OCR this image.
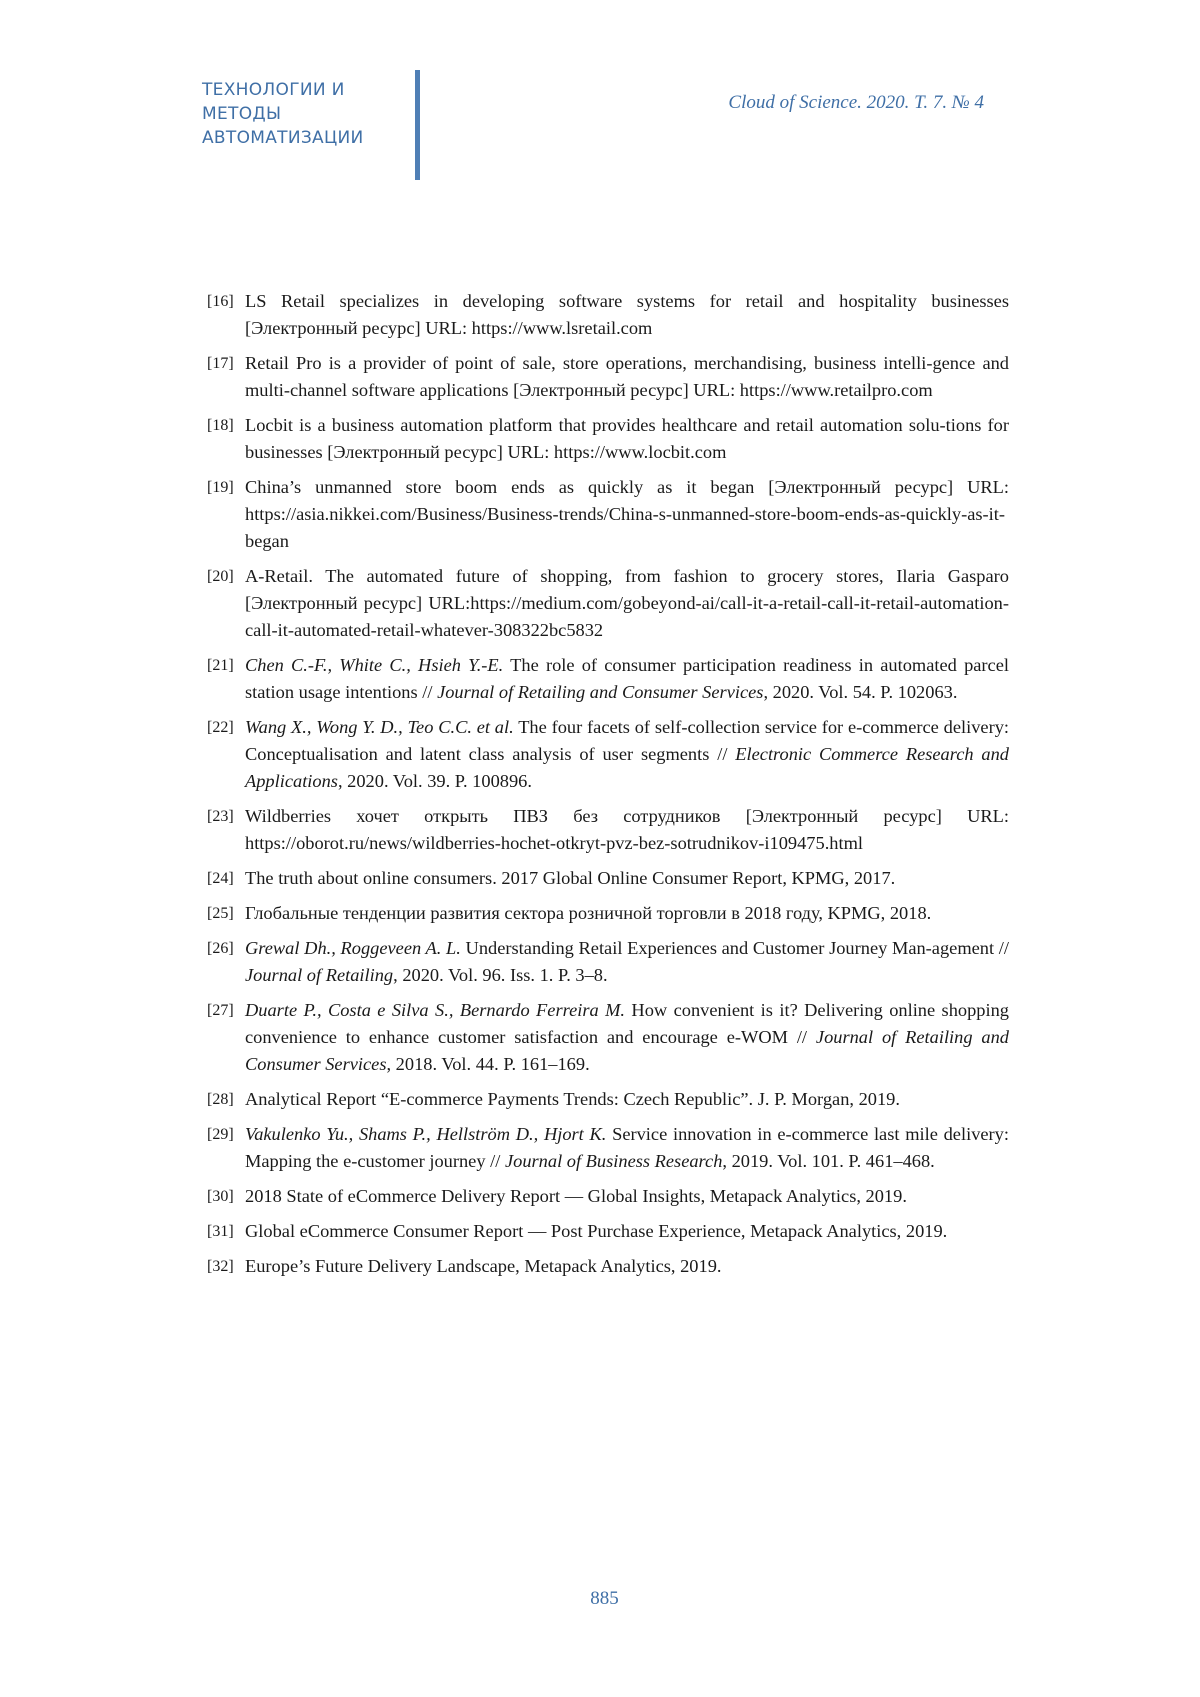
ТЕХНОЛОГИИ И
МЕТОДЫ
АВТОМАТИЗАЦИИ
Cloud of Science. 2020. T. 7. № 4
[16] LS Retail specializes in developing software systems for retail and hospitality businesses [Электронный ресурс] URL: https://www.lsretail.com
[17] Retail Pro is a provider of point of sale, store operations, merchandising, business intelli-gence and multi-channel software applications [Электронный ресурс] URL: https://www.retailpro.com
[18] Locbit is a business automation platform that provides healthcare and retail automation solu-tions for businesses [Электронный ресурс] URL: https://www.locbit.com
[19] China’s unmanned store boom ends as quickly as it began [Электронный ресурс] URL: https://asia.nikkei.com/Business/Business-trends/China-s-unmanned-store-boom-ends-as-quickly-as-it-began
[20] A-Retail. The automated future of shopping, from fashion to grocery stores, Ilaria Gasparo [Электронный ресурс] URL:https://medium.com/gobeyond-ai/call-it-a-retail-call-it-retail-automation-call-it-automated-retail-whatever-308322bc5832
[21] Chen C.-F., White C., Hsieh Y.-E. The role of consumer participation readiness in automated parcel station usage intentions // Journal of Retailing and Consumer Services, 2020. Vol. 54. P. 102063.
[22] Wang X., Wong Y. D., Teo C.C. et al. The four facets of self-collection service for e-commerce delivery: Conceptualisation and latent class analysis of user segments // Electronic Commerce Research and Applications, 2020. Vol. 39. P. 100896.
[23] Wildberries хочет открыть ПВЗ без сотрудников [Электронный ресурс] URL: https://oborot.ru/news/wildberries-hochet-otkryt-pvz-bez-sotrudnikov-i109475.html
[24] The truth about online consumers. 2017 Global Online Consumer Report, KPMG, 2017.
[25] Глобальные тенденции развития сектора розничной торговли в 2018 году, KPMG, 2018.
[26] Grewal Dh., Roggeveen A. L. Understanding Retail Experiences and Customer Journey Man-agement // Journal of Retailing, 2020. Vol. 96. Iss. 1. P. 3–8.
[27] Duarte P., Costa e Silva S., Bernardo Ferreira M. How convenient is it? Delivering online shopping convenience to enhance customer satisfaction and encourage e-WOM // Journal of Retailing and Consumer Services, 2018. Vol. 44. P. 161–169.
[28] Analytical Report “E-commerce Payments Trends: Czech Republic”. J. P. Morgan, 2019.
[29] Vakulenko Yu., Shams P., Hellström D., Hjort K. Service innovation in e-commerce last mile delivery: Mapping the e-customer journey // Journal of Business Research, 2019. Vol. 101. P. 461–468.
[30] 2018 State of eCommerce Delivery Report — Global Insights, Metapack Analytics, 2019.
[31] Global eCommerce Consumer Report — Post Purchase Experience, Metapack Analytics, 2019.
[32] Europe’s Future Delivery Landscape, Metapack Analytics, 2019.
885
